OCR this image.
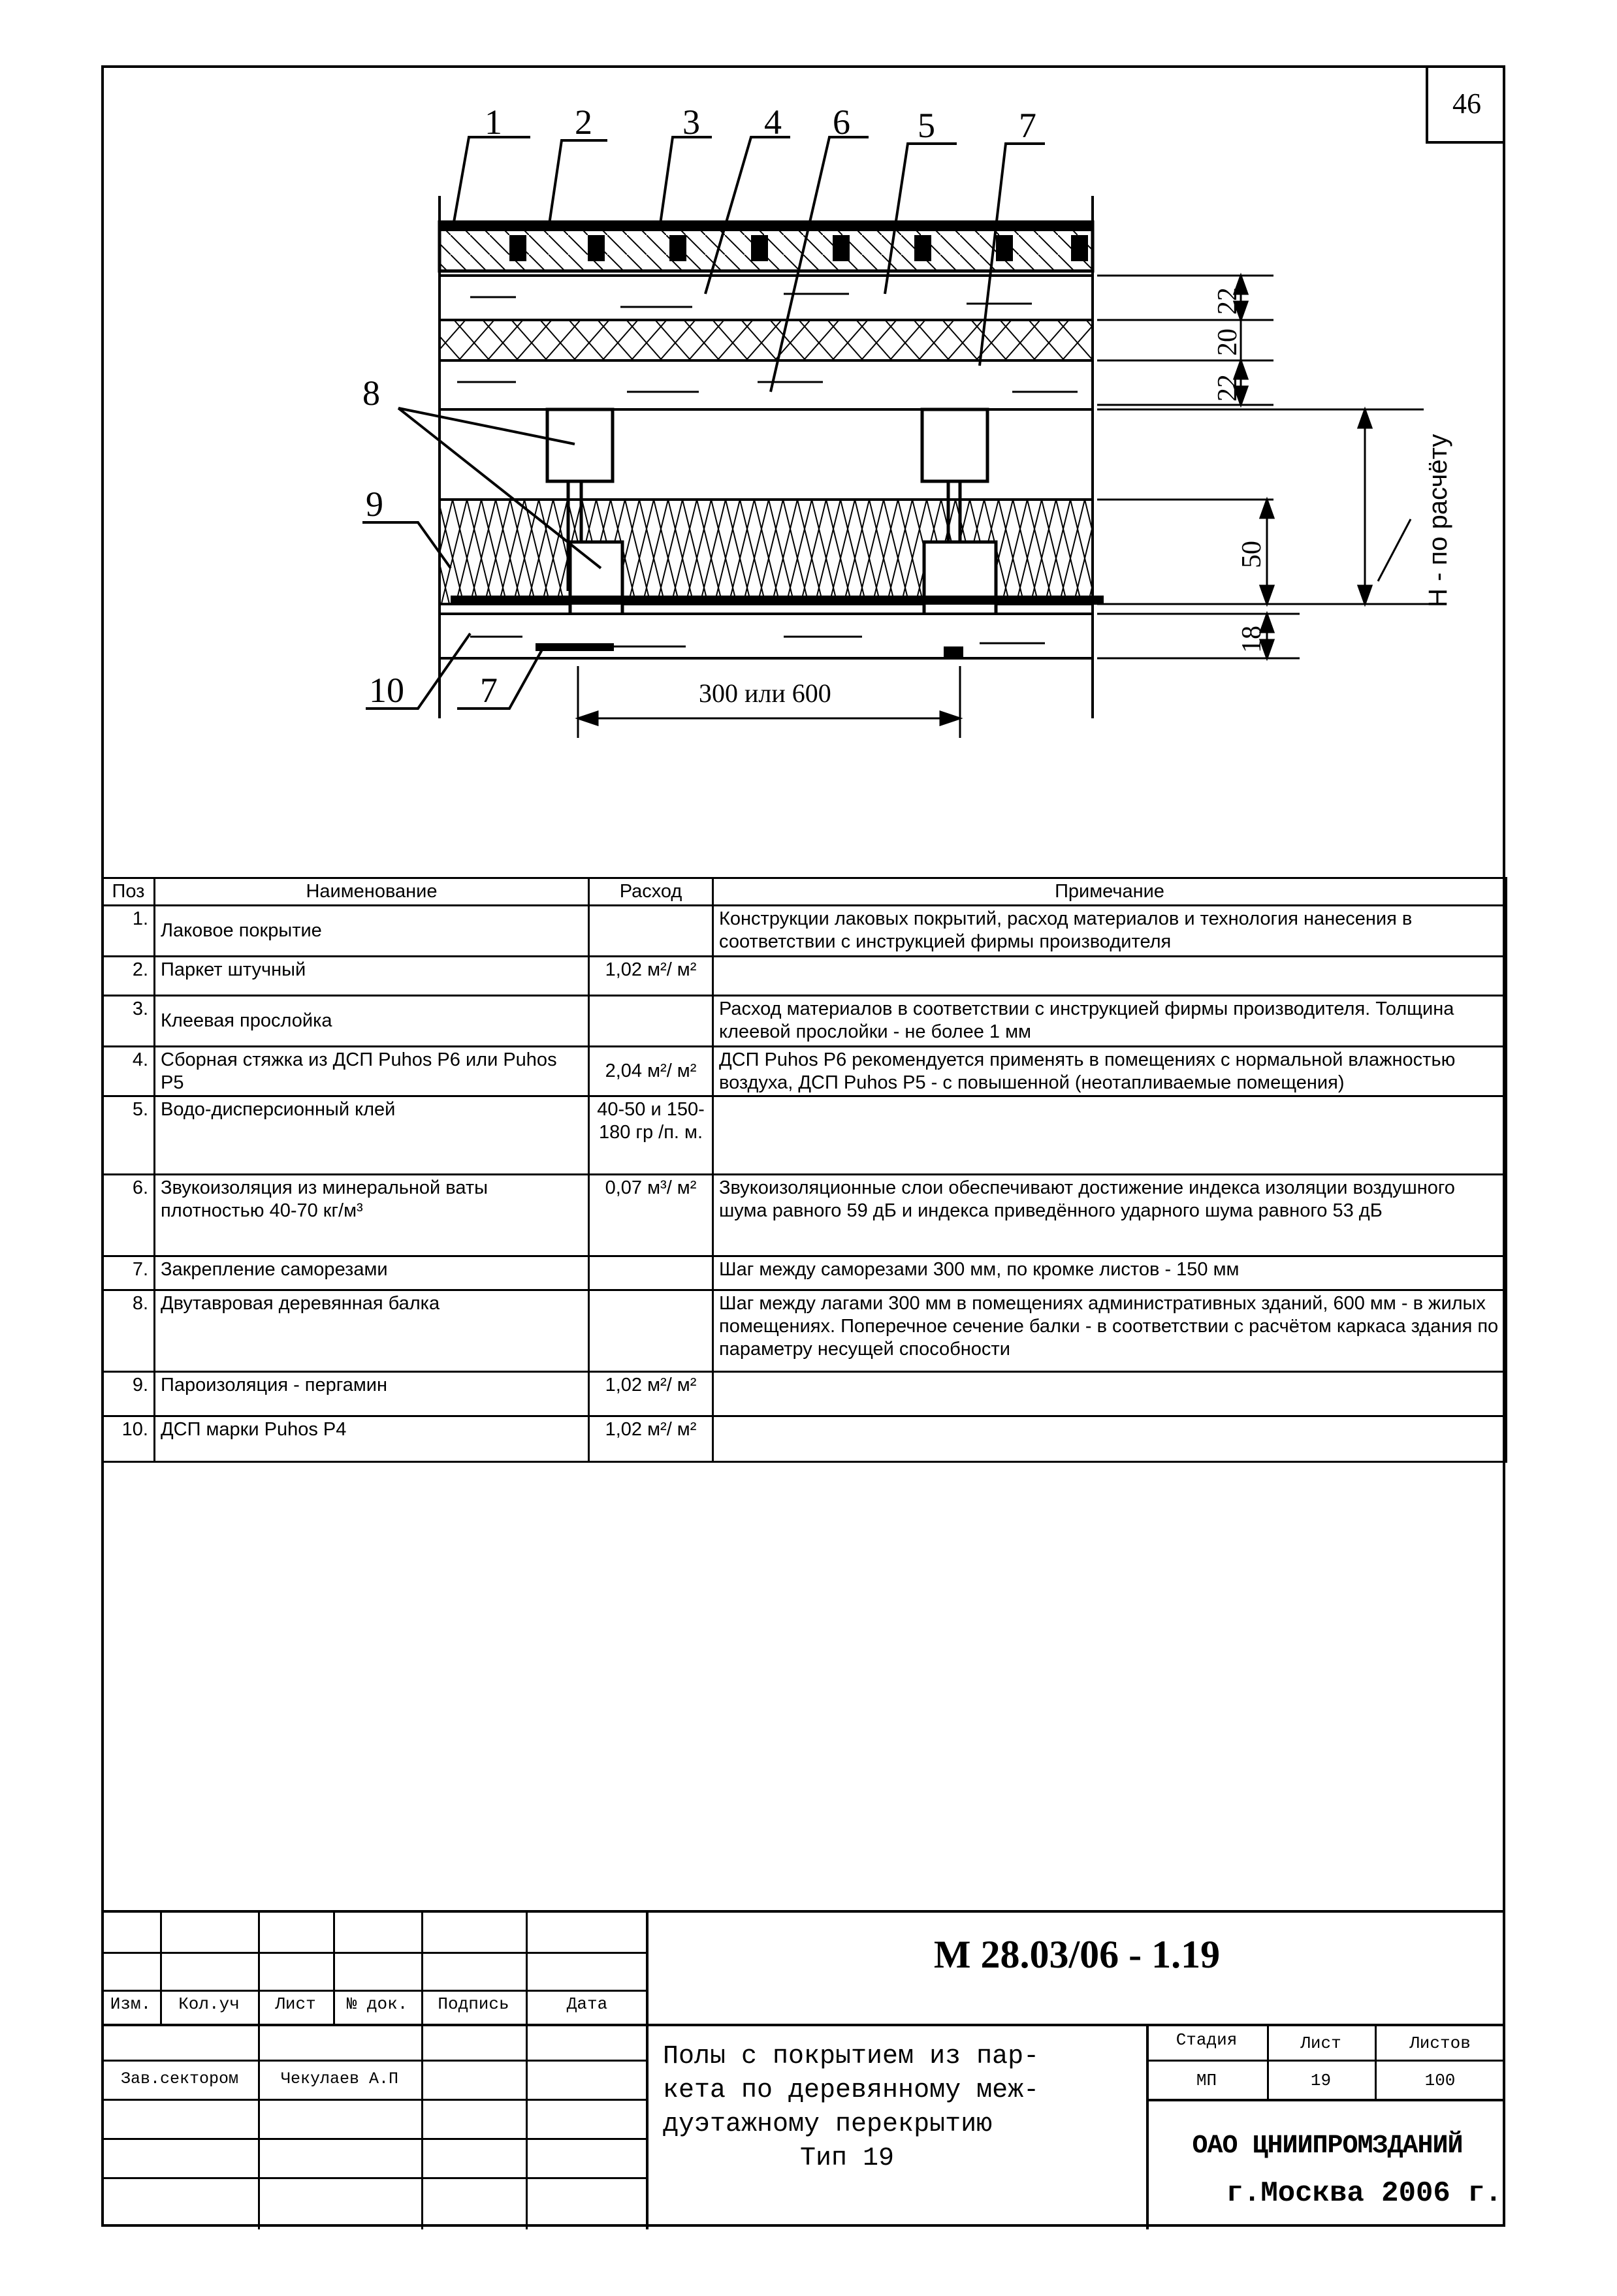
46
1 2	3 4 6 5 7
8
9
10 7
22
20
22
50
18
H - по расчёту
300 или 600
Поз	Наименование	Расход	Примечание
1.	Лаковое покрытие		Конструкции лаковых покрытий, расход материалов и технология нанесения в соответствии с инструкцией фирмы производителя
2.	Паркет штучный	1,02 м²/ м²	
3.	Клеевая прослойка		Расход материалов в соответствии с инструкцией фирмы производителя. Толщина клеевой прослойки - не более 1 мм
4.	Сборная стяжка из ДСП Puhos P6 или Puhos P5	2,04 м²/ м²	ДСП Puhos P6 рекомендуется применять в помещениях с нормальной влажностью воздуха, ДСП Puhos P5 - с повышенной (неотапливаемые помещения)
5.	Водо-дисперсионный клей	40-50 и 150-180 гр /п. м.	
6.	Звукоизоляция из минеральной ваты плотностью 40-70 кг/м³	0,07 м³/ м²	Звукоизоляционные слои обеспечивают достижение индекса изоляции воздушного шума равного 59 дБ и индекса приведённого ударного шума равного 53 дБ
7.	Закрепление саморезами		Шаг между саморезами 300 мм, по кромке листов - 150 мм
8.	Двутавровая деревянная балка		Шаг между лагами 300 мм в помещениях административных зданий, 600 мм - в жилых помещениях. Поперечное сечение балки - в соответствии с расчётом каркаса здания по параметру несущей способности
9.	Пароизоляция - пергамин	1,02 м²/ м²	
10.	ДСП марки Puhos P4	1,02 м²/ м²	
Изм.	Кол.уч	Лист	№ док.	Подпись	Дата
Зав.сектором	Чекулаев А.П
М 28.03/06 - 1.19
Полы с покрытием из пар-
кета по деревянному меж-
дуэтажному перекрытию
Тип 19
Стадия	Лист	Листов
МП	19	100
ОАО ЦНИИПРОМЗДАНИЙ
г.Москва 2006 г.
